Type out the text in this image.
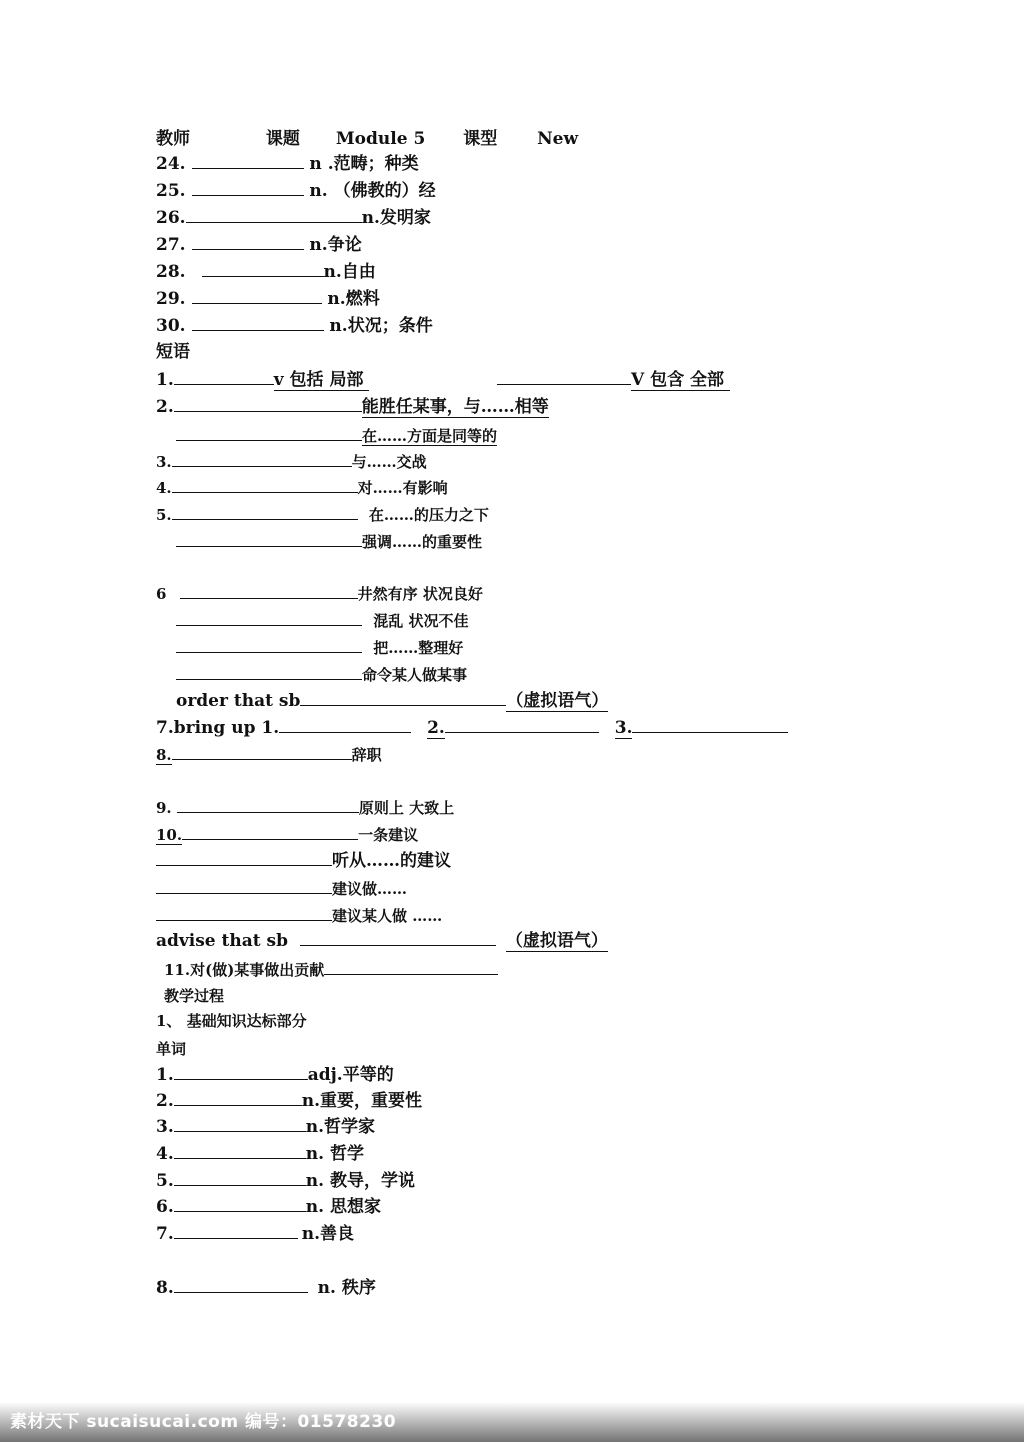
教师	课题 Module 5 课型 New
24.	n .范畴；种类
25.	n. （佛教的）经
26.	n.发明家
27.	n.争论
28.	n.自由
29.	n.燃料
30.	n.状况；条件
短语
1.	v 包括 局部	V 包含 全部
2.	能胜任某事，与……相等
在……方面是同等的
3.	与……交战
4.	对……有影响
5.	在……的压力之下
强调……的重要性
6	井然有序 状况良好
混乱 状况不佳
把……整理好
命令某人做某事
order that sb	（虚拟语气）
7.bring up 1.	2.	3.
8.	辞职
9.	原则上 大致上
10.	一条建议
听从……的建议
建议做……
建议某人做 ……
advise that sb	（虚拟语气）
11.对(做)某事做出贡献
教学过程
1、 基础知识达标部分
单词
1.	adj.平等的
2.	n.重要，重要性
3.	n.哲学家
4.	n. 哲学
5.	n. 教导，学说
6.	n. 思想家
7.	n.善良
8.	n. 秩序
素材天下 sucaisucai.com 编号：01578230
